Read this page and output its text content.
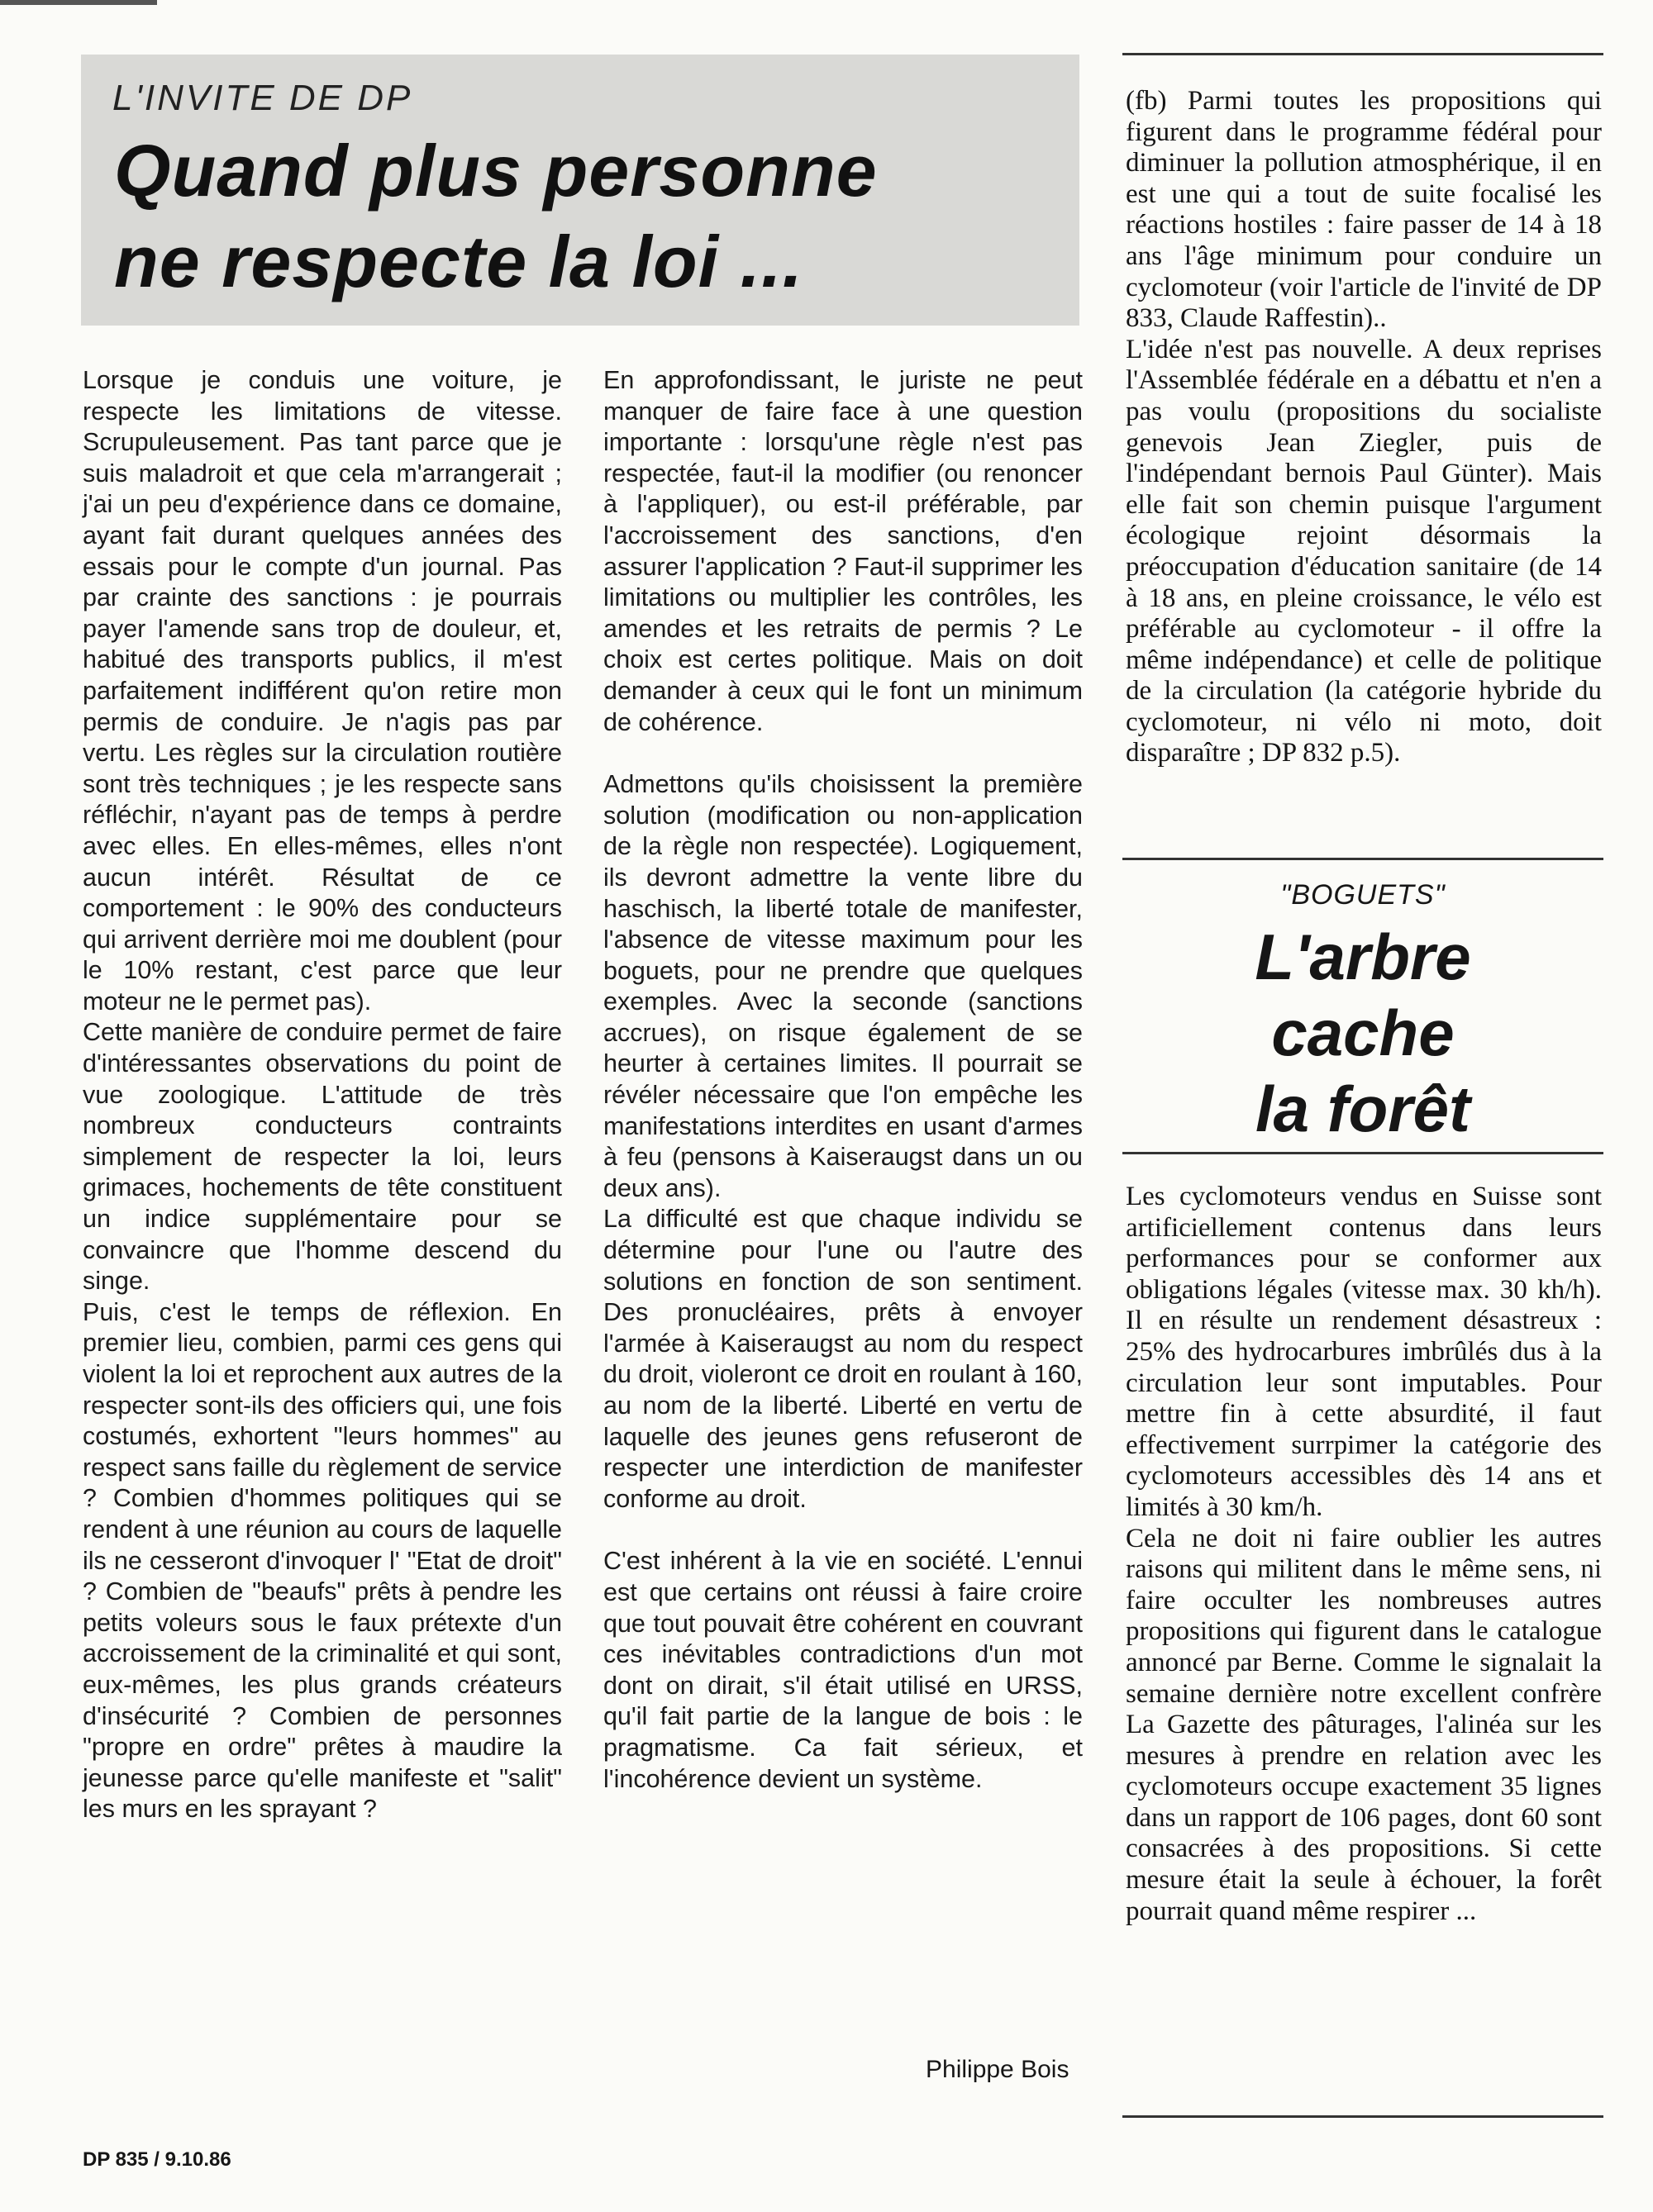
L'INVITE DE DP
Quand plus personne
ne respecte la loi ...

Lorsque je conduis une voiture, je respecte les limitations de vitesse. Scrupuleusement. Pas tant parce que je suis maladroit et que cela m'arrangerait ; j'ai un peu d'expérience dans ce domaine, ayant fait durant quelques années des essais pour le compte d'un journal. Pas par crainte des sanctions : je pourrais payer l'amende sans trop de douleur, et, habitué des transports publics, il m'est parfaitement indifférent qu'on retire mon permis de conduire. Je n'agis pas par vertu. Les règles sur la circulation routière sont très techniques ; je les respecte sans réfléchir, n'ayant pas de temps à perdre avec elles. En elles-mêmes, elles n'ont aucun intérêt. Résultat de ce comportement : le 90% des conducteurs qui arrivent derrière moi me doublent (pour le 10% restant, c'est parce que leur moteur ne le permet pas).

Cette manière de conduire permet de faire d'intéressantes observations du point de vue zoologique. L'attitude de très nombreux conducteurs contraints simplement de respecter la loi, leurs grimaces, hochements de tête constituent un indice supplémentaire pour se convaincre que l'homme descend du singe.

Puis, c'est le temps de réflexion. En premier lieu, combien, parmi ces gens qui violent la loi et reprochent aux autres de la respecter sont-ils des officiers qui, une fois costumés, exhortent "leurs hommes" au respect sans faille du règlement de service ? Combien d'hommes politiques qui se rendent à une réunion au cours de laquelle ils ne cesseront d'invoquer l' "Etat de droit" ? Combien de "beaufs" prêts à pendre les petits voleurs sous le faux prétexte d'un accroissement de la criminalité et qui sont, eux-mêmes, les plus grands créateurs d'insécurité ? Combien de personnes "propre en ordre" prêtes à maudire la jeunesse parce qu'elle manifeste et "salit" les murs en les sprayant ?

En approfondissant, le juriste ne peut manquer de faire face à une question importante : lorsqu'une règle n'est pas respectée, faut-il la modifier (ou renoncer à l'appliquer), ou est-il préférable, par l'accroissement des sanctions, d'en assurer l'application ? Faut-il supprimer les limitations ou multiplier les contrôles, les amendes et les retraits de permis ? Le choix est certes politique. Mais on doit demander à ceux qui le font un minimum de cohérence.

Admettons qu'ils choisissent la première solution (modification ou non-application de la règle non respectée). Logiquement, ils devront admettre la vente libre du haschisch, la liberté totale de manifester, l'absence de vitesse maximum pour les boguets, pour ne prendre que quelques exemples. Avec la seconde (sanctions accrues), on risque également de se heurter à certaines limites. Il pourrait se révéler nécessaire que l'on empêche les manifestations interdites en usant d'armes à feu (pensons à Kaiseraugst dans un ou deux ans).

La difficulté est que chaque individu se détermine pour l'une ou l'autre des solutions en fonction de son sentiment. Des pronucléaires, prêts à envoyer l'armée à Kaiseraugst au nom du respect du droit, violeront ce droit en roulant à 160, au nom de la liberté. Liberté en vertu de laquelle des jeunes gens refuseront de respecter une interdiction de manifester conforme au droit.

C'est inhérent à la vie en société. L'ennui est que certains ont réussi à faire croire que tout pouvait être cohérent en couvrant ces inévitables contradictions d'un mot dont on dirait, s'il était utilisé en URSS, qu'il fait partie de la langue de bois : le pragmatisme. Ca fait sérieux, et l'incohérence devient un système.

Philippe Bois
DP 835 / 9.10.86

(fb) Parmi toutes les propositions qui figurent dans le programme fédéral pour diminuer la pollution atmosphérique, il en est une qui a tout de suite focalisé les réactions hostiles : faire passer de 14 à 18 ans l'âge minimum pour conduire un cyclomoteur (voir l'article de l'invité de DP 833, Claude Raffestin)..

L'idée n'est pas nouvelle. A deux reprises l'Assemblée fédérale en a débattu et n'en a pas voulu (propositions du socialiste genevois Jean Ziegler, puis de l'indépendant bernois Paul Günter). Mais elle fait son chemin puisque l'argument écologique rejoint désormais la préoccupation d'éducation sanitaire (de 14 à 18 ans, en pleine croissance, le vélo est préférable au cyclomoteur - il offre la même indépendance) et celle de politique de la circulation (la catégorie hybride du cyclomoteur, ni vélo ni moto, doit disparaître ; DP 832 p.5).

"BOGUETS"
L'arbre
cache
la forêt

Les cyclomoteurs vendus en Suisse sont artificiellement contenus dans leurs performances pour se conformer aux obligations légales (vitesse max. 30 kh/h). Il en résulte un rendement désastreux : 25% des hydrocarbures imbrûlés dus à la circulation leur sont imputables. Pour mettre fin à cette absurdité, il faut effectivement surrpimer la catégorie des cyclomoteurs accessibles dès 14 ans et limités à 30 km/h.

Cela ne doit ni faire oublier les autres raisons qui militent dans le même sens, ni faire occulter les nombreuses autres propositions qui figurent dans le catalogue annoncé par Berne. Comme le signalait la semaine dernière notre excellent confrère La Gazette des pâturages, l'alinéa sur les mesures à prendre en relation avec les cyclomoteurs occupe exactement 35 lignes dans un rapport de 106 pages, dont 60 sont consacrées à des propositions. Si cette mesure était la seule à échouer, la forêt pourrait quand même respirer ...
